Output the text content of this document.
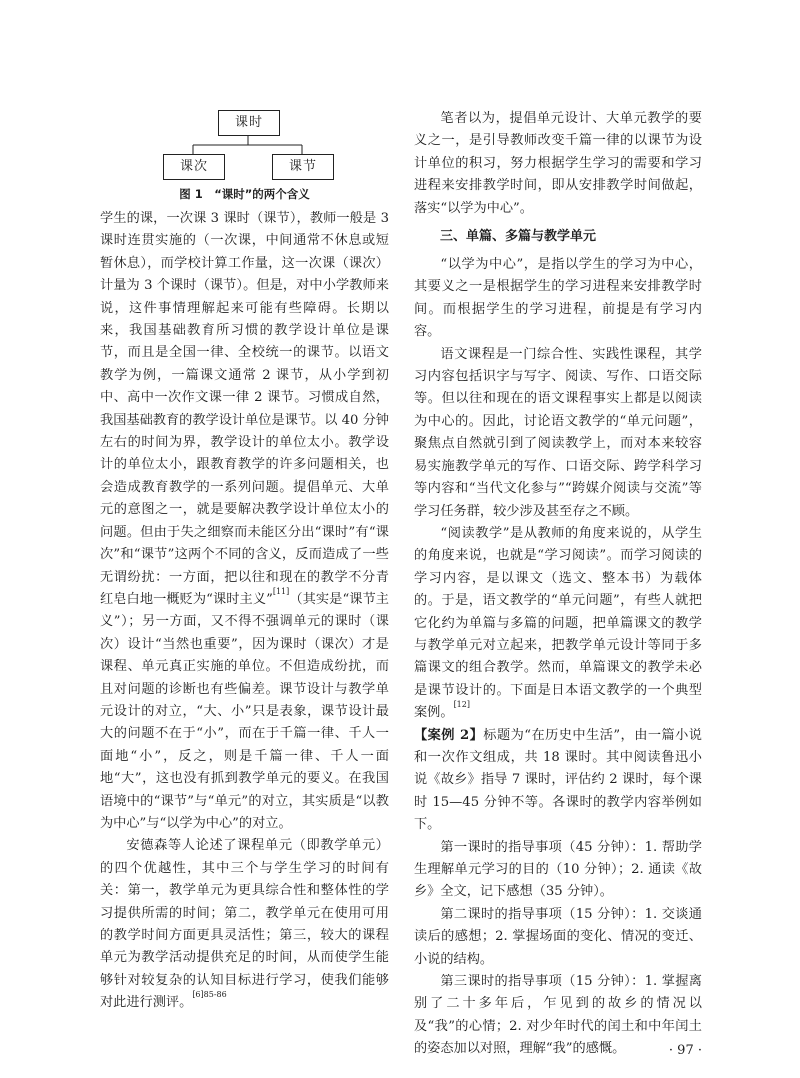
课时
课次	课节
图 1　“课时”的两个含义

学生的课，一次课 3 课时（课节），教师一般是 3 课时连贯实施的（一次课，中间通常不休息或短暂休息），而学校计算工作量，这一次课（课次）计量为 3 个课时（课节）。但是，对中小学教师来说，这件事情理解起来可能有些障碍。长期以来，我国基础教育所习惯的教学设计单位是课节，而且是全国一律、全校统一的课节。以语文教学为例，一篇课文通常 2 课节，从小学到初中、高中一次作文课一律 2 课节。习惯成自然，我国基础教育的教学设计单位是课节。以 40 分钟左右的时间为界，教学设计的单位太小。教学设计的单位太小，跟教育教学的许多问题相关，也会造成教育教学的一系列问题。提倡单元、大单元的意图之一，就是要解决教学设计单位太小的问题。但由于失之细察而未能区分出“课时”有“课次”和“课节”这两个不同的含义，反而造成了一些无谓纷扰：一方面，把以往和现在的教学不分青红皂白地一概贬为“课时主义”[11]（其实是“课节主义”）；另一方面，又不得不强调单元的课时（课次）设计“当然也重要”，因为课时（课次）才是课程、单元真正实施的单位。不但造成纷扰，而且对问题的诊断也有些偏差。课节设计与教学单元设计的对立，“大、小”只是表象，课节设计最大的问题不在于“小”，而在于千篇一律、千人一面地“小”，反之，则是千篇一律、千人一面地“大”，这也没有抓到教学单元的要义。在我国语境中的“课节”与“单元”的对立，其实质是“以教为中心”与“以学为中心”的对立。

安德森等人论述了课程单元（即教学单元）的四个优越性，其中三个与学生学习的时间有关：第一，教学单元为更具综合性和整体性的学习提供所需的时间；第二，教学单元在使用可用的教学时间方面更具灵活性；第三，较大的课程单元为教学活动提供充足的时间，从而使学生能够针对较复杂的认知目标进行学习，使我们能够对此进行测评。$^{[6]85-86}$

笔者以为，提倡单元设计、大单元教学的要义之一，是引导教师改变千篇一律的以课节为设计单位的积习，努力根据学生学习的需要和学习进程来安排教学时间，即从安排教学时间做起，落实“以学为中心”。

三、单篇、多篇与教学单元

“以学为中心”，是指以学生的学习为中心，其要义之一是根据学生的学习进程来安排教学时间。而根据学生的学习进程，前提是有学习内容。

语文课程是一门综合性、实践性课程，其学习内容包括识字与写字、阅读、写作、口语交际等。但以往和现在的语文课程事实上都是以阅读为中心的。因此，讨论语文教学的“单元问题”，聚焦点自然就引到了阅读教学上，而对本来较容易实施教学单元的写作、口语交际、跨学科学习等内容和“当代文化参与”“跨媒介阅读与交流”等学习任务群，较少涉及甚至存之不顾。

“阅读教学”是从教师的角度来说的，从学生的角度来说，也就是“学习阅读”。而学习阅读的学习内容，是以课文（选文、整本书）为载体的。于是，语文教学的“单元问题”，有些人就把它化约为单篇与多篇的问题，把单篇课文的教学与教学单元对立起来，把教学单元设计等同于多篇课文的组合教学。然而，单篇课文的教学未必是课节设计的。下面是日本语文教学的一个典型案例。[12]

【案例 2】标题为“在历史中生活”，由一篇小说和一次作文组成，共 18 课时。其中阅读鲁迅小说《故乡》指导 7 课时，评估约 2 课时，每个课时 15—45 分钟不等。各课时的教学内容举例如下。

第一课时的指导事项（45 分钟）：1. 帮助学生理解单元学习的目的（10 分钟）；2. 通读《故乡》全文，记下感想（35 分钟）。

第二课时的指导事项（15 分钟）：1. 交谈通读后的感想；2. 掌握场面的变化、情况的变迁、小说的结构。

第三课时的指导事项（15 分钟）：1. 掌握离别了二十多年后，乍见到的故乡的情况以及“我”的心情；2. 对少年时代的闰土和中年闰土的姿态加以对照，理解“我”的感慨。	· 97 ·
